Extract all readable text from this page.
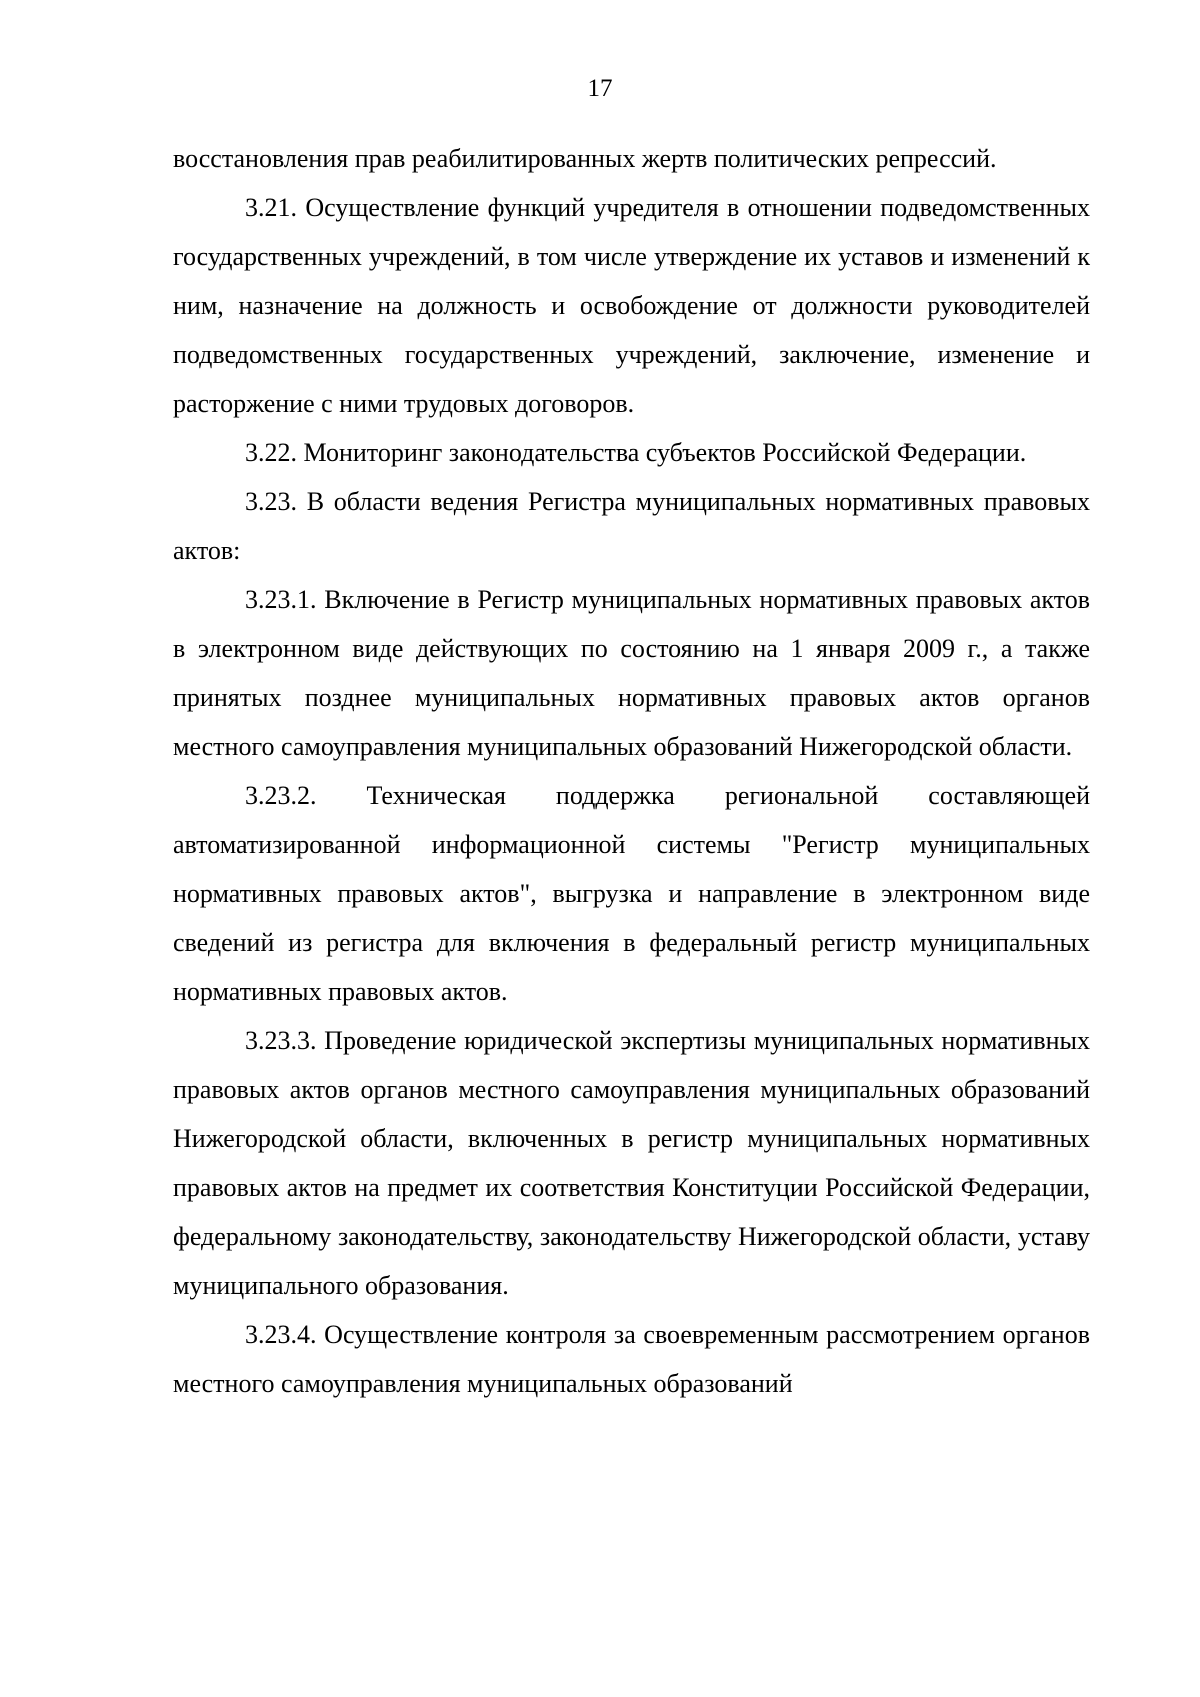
17

восстановления прав реабилитированных жертв политических репрессий.

3.21. Осуществление функций учредителя в отношении подведомственных государственных учреждений, в том числе утверждение их уставов и изменений к ним, назначение на должность и освобождение от должности руководителей подведомственных государственных учреждений, заключение, изменение и расторжение с ними трудовых договоров.

3.22. Мониторинг законодательства субъектов Российской Федерации.

3.23. В области ведения Регистра муниципальных нормативных правовых актов:

3.23.1. Включение в Регистр муниципальных нормативных правовых актов в электронном виде действующих по состоянию на 1 января 2009 г., а также принятых позднее муниципальных нормативных правовых актов органов местного самоуправления муниципальных образований Нижегородской области.

3.23.2. Техническая поддержка региональной составляющей автоматизированной информационной системы "Регистр муниципальных нормативных правовых актов", выгрузка и направление в электронном виде сведений из регистра для включения в федеральный регистр муниципальных нормативных правовых актов.

3.23.3. Проведение юридической экспертизы муниципальных нормативных правовых актов органов местного самоуправления муниципальных образований Нижегородской области, включенных в регистр муниципальных нормативных правовых актов на предмет их соответствия Конституции Российской Федерации, федеральному законодательству, законодательству Нижегородской области, уставу муниципального образования.

3.23.4. Осуществление контроля за своевременным рассмотрением органов местного самоуправления муниципальных образований
